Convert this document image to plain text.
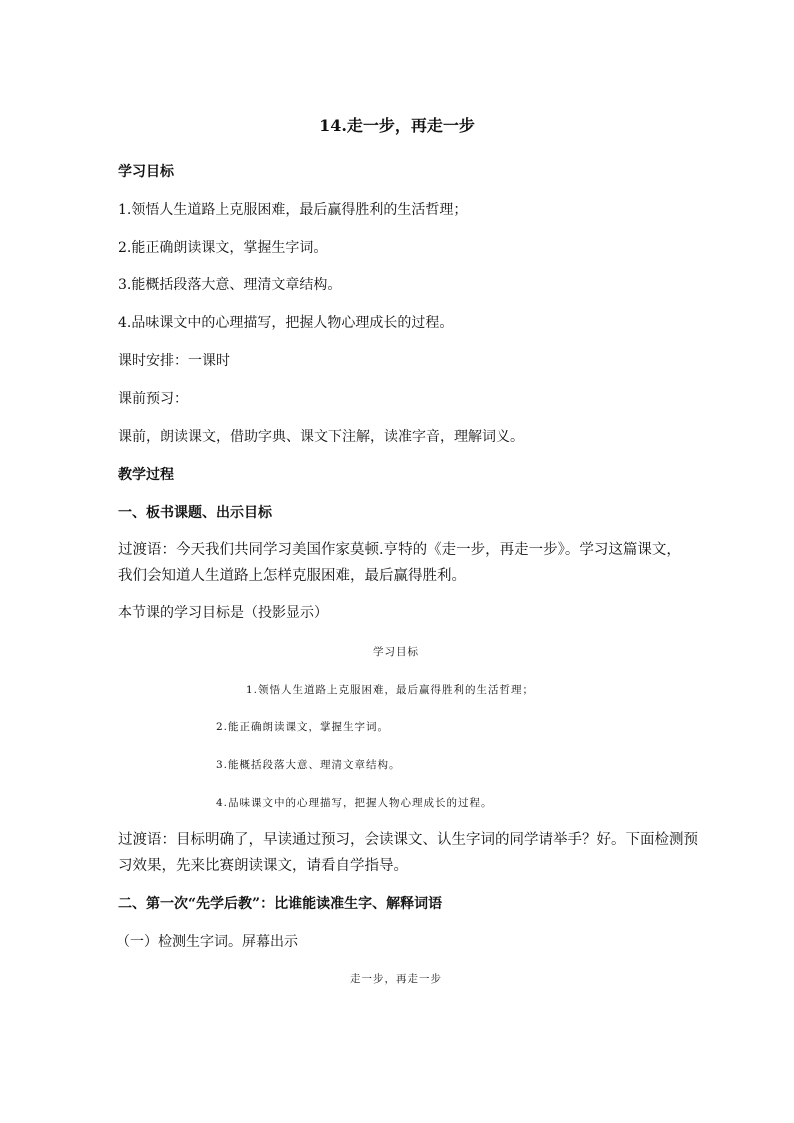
14.走一步，再走一步
学习目标
1.领悟人生道路上克服困难，最后赢得胜利的生活哲理；
2.能正确朗读课文，掌握生字词。
3.能概括段落大意、理清文章结构。
4.品味课文中的心理描写，把握人物心理成长的过程。
课时安排：一课时
课前预习：
课前，朗读课文，借助字典、课文下注解，读准字音，理解词义。
教学过程
一、板书课题、出示目标
过渡语：今天我们共同学习美国作家莫顿.亨特的《走一步，再走一步》。学习这篇课文，
我们会知道人生道路上怎样克服困难，最后赢得胜利。
本节课的学习目标是（投影显示）
学习目标
1.领悟人生道路上克服困难，最后赢得胜利的生活哲理；
2.能正确朗读课文，掌握生字词。
3.能概括段落大意、理清文章结构。
4.品味课文中的心理描写，把握人物心理成长的过程。
过渡语：目标明确了，早读通过预习，会读课文、认生字词的同学请举手？好。下面检测预
习效果，先来比赛朗读课文，请看自学指导。
二、第一次“先学后教”：比谁能读准生字、解释词语
（一）检测生字词。屏幕出示
走一步，再走一步
